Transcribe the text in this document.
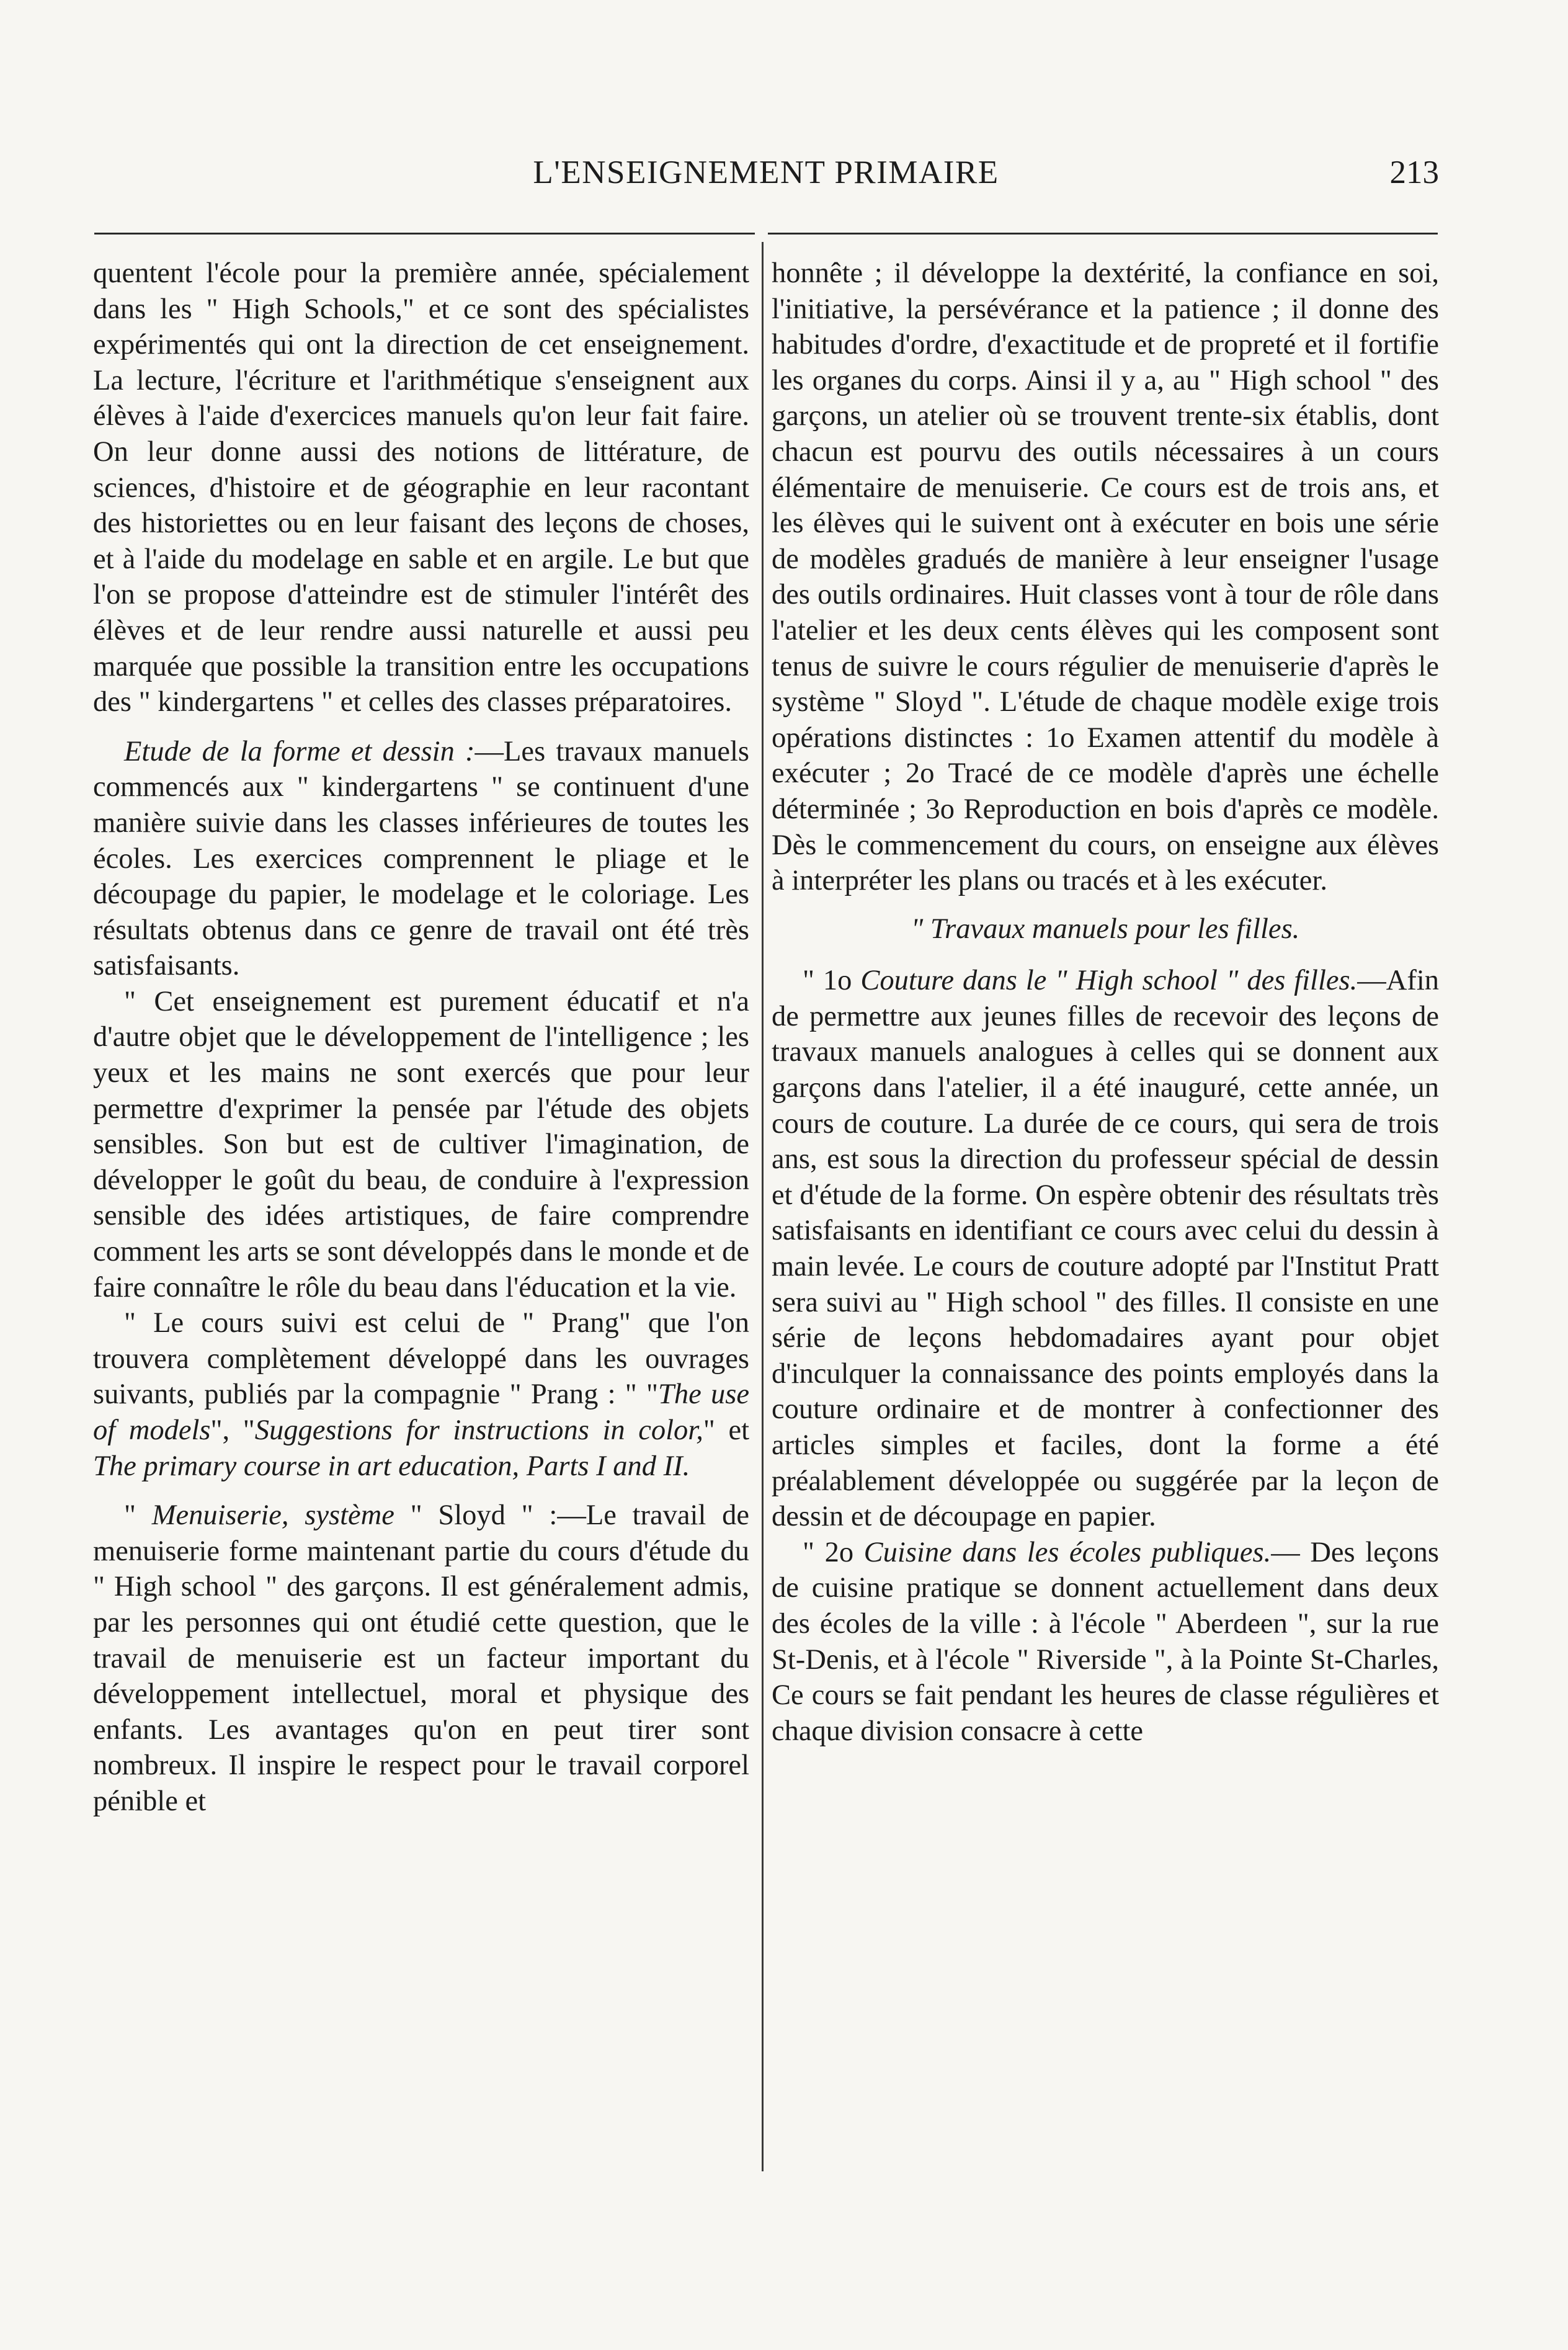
L'ENSEIGNEMENT PRIMAIRE	213

quentent l'école pour la première année, spécialement dans les " High Schools," et ce sont des spécialistes expérimentés qui ont la direction de cet enseignement. La lecture, l'écriture et l'arithmétique s'enseignent aux élèves à l'aide d'exercices manuels qu'on leur fait faire. On leur donne aussi des notions de littérature, de sciences, d'histoire et de géographie en leur racontant des historiettes ou en leur faisant des leçons de choses, et à l'aide du modelage en sable et en argile. Le but que l'on se propose d'atteindre est de stimuler l'intérêt des élèves et de leur rendre aussi naturelle et aussi peu marquée que possible la transition entre les occupations des " kindergartens " et celles des classes préparatoires.

Etude de la forme et dessin :—Les travaux manuels commencés aux " kindergartens " se continuent d'une manière suivie dans les classes inférieures de toutes les écoles. Les exercices comprennent le pliage et le découpage du papier, le modelage et le coloriage. Les résultats obtenus dans ce genre de travail ont été très satisfaisants.

" Cet enseignement est purement éducatif et n'a d'autre objet que le développement de l'intelligence ; les yeux et les mains ne sont exercés que pour leur permettre d'exprimer la pensée par l'étude des objets sensibles. Son but est de cultiver l'imagination, de développer le goût du beau, de conduire à l'expression sensible des idées artistiques, de faire comprendre comment les arts se sont développés dans le monde et de faire connaître le rôle du beau dans l'éducation et la vie.

" Le cours suivi est celui de " Prang" que l'on trouvera complètement développé dans les ouvrages suivants, publiés par la compagnie " Prang : " "The use of models", "Suggestions for instructions in color," et The primary course in art education, Parts I and II.

" Menuiserie, système " Sloyd " :—Le travail de menuiserie forme maintenant partie du cours d'étude du " High school " des garçons. Il est généralement admis, par les personnes qui ont étudié cette question, que le travail de menuiserie est un facteur important du développement intellectuel, moral et physique des enfants. Les avantages qu'on en peut tirer sont nombreux. Il inspire le respect pour le travail corporel pénible et

honnête ; il développe la dextérité, la confiance en soi, l'initiative, la persévérance et la patience ; il donne des habitudes d'ordre, d'exactitude et de propreté et il fortifie les organes du corps. Ainsi il y a, au " High school " des garçons, un atelier où se trouvent trente-six établis, dont chacun est pourvu des outils nécessaires à un cours élémentaire de menuiserie. Ce cours est de trois ans, et les élèves qui le suivent ont à exécuter en bois une série de modèles gradués de manière à leur enseigner l'usage des outils ordinaires. Huit classes vont à tour de rôle dans l'atelier et les deux cents élèves qui les composent sont tenus de suivre le cours régulier de menuiserie d'après le système " Sloyd ". L'étude de chaque modèle exige trois opérations distinctes : 1o Examen attentif du modèle à exécuter ; 2o Tracé de ce modèle d'après une échelle déterminée ; 3o Reproduction en bois d'après ce modèle. Dès le commencement du cours, on enseigne aux élèves à interpréter les plans ou tracés et à les exécuter.

" Travaux manuels pour les filles.

" 1o Couture dans le " High school " des filles.—Afin de permettre aux jeunes filles de recevoir des leçons de travaux manuels analogues à celles qui se donnent aux garçons dans l'atelier, il a été inauguré, cette année, un cours de couture. La durée de ce cours, qui sera de trois ans, est sous la direction du professeur spécial de dessin et d'étude de la forme. On espère obtenir des résultats très satisfaisants en identifiant ce cours avec celui du dessin à main levée. Le cours de couture adopté par l'Institut Pratt sera suivi au " High school " des filles. Il consiste en une série de leçons hebdomadaires ayant pour objet d'inculquer la connaissance des points employés dans la couture ordinaire et de montrer à confectionner des articles simples et faciles, dont la forme a été préalablement développée ou suggérée par la leçon de dessin et de découpage en papier.

" 2o Cuisine dans les écoles publiques.— Des leçons de cuisine pratique se donnent actuellement dans deux des écoles de la ville : à l'école " Aberdeen ", sur la rue St-Denis, et à l'école " Riverside ", à la Pointe St-Charles, Ce cours se fait pendant les heures de classe régulières et chaque division consacre à cette
